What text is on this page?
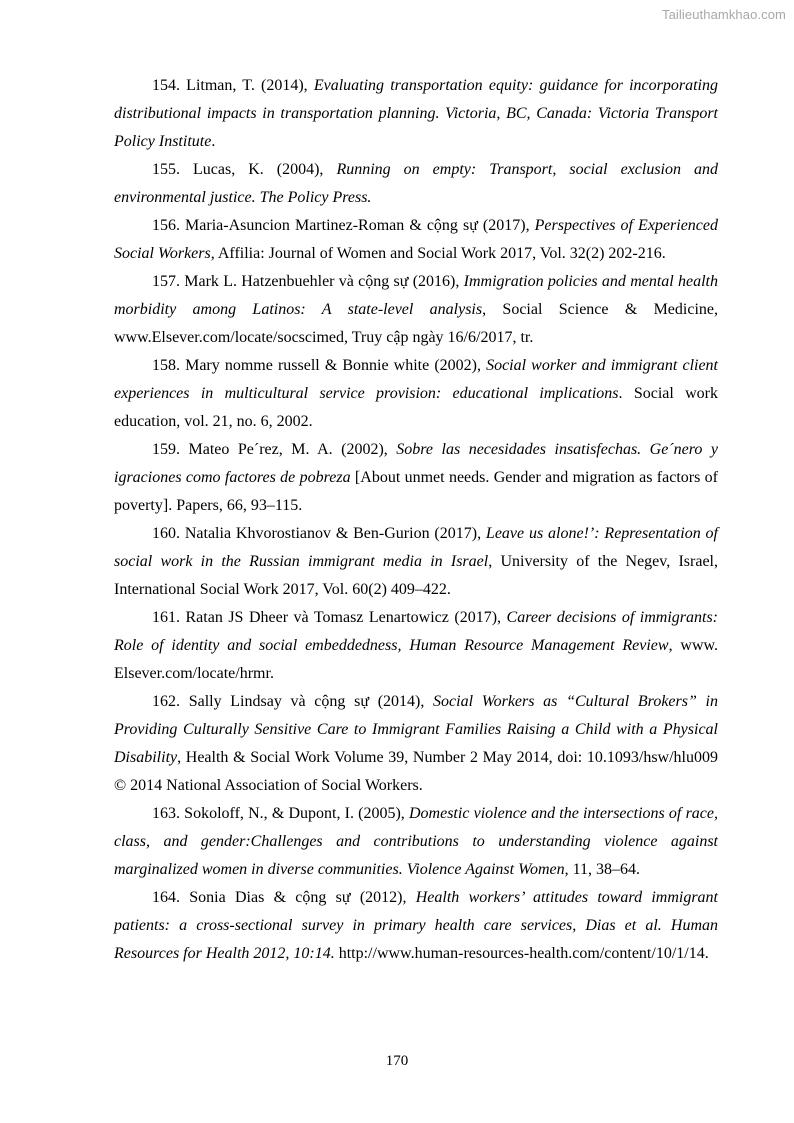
Tailieuthamkhao.com

154. Litman, T. (2014), Evaluating transportation equity: guidance for incorporating distributional impacts in transportation planning. Victoria, BC, Canada: Victoria Transport Policy Institute.

155. Lucas, K. (2004), Running on empty: Transport, social exclusion and environmental justice. The Policy Press.

156. Maria-Asuncion Martinez-Roman & cộng sự (2017), Perspectives of Experienced Social Workers, Affilia: Journal of Women and Social Work 2017, Vol. 32(2) 202-216.

157. Mark L. Hatzenbuehler và cộng sự (2016), Immigration policies and mental health morbidity among Latinos: A state-level analysis, Social Science & Medicine, www.Elsever.com/locate/socscimed, Truy cập ngày 16/6/2017, tr.

158. Mary nomme russell & Bonnie white (2002), Social worker and immigrant client experiences in multicultural service provision: educational implications. Social work education, vol. 21, no. 6, 2002.

159. Mateo Pe´rez, M. A. (2002), Sobre las necesidades insatisfechas. Ge´nero y igraciones como factores de pobreza [About unmet needs. Gender and migration as factors of poverty]. Papers, 66, 93–115.

160. Natalia Khvorostianov & Ben-Gurion (2017), Leave us alone!’: Representation of social work in the Russian immigrant media in Israel, University of the Negev, Israel, International Social Work 2017, Vol. 60(2) 409–422.

161. Ratan JS Dheer và Tomasz Lenartowicz (2017), Career decisions of immigrants: Role of identity and social embeddedness, Human Resource Management Review, www. Elsever.com/locate/hrmr.

162. Sally Lindsay và cộng sự (2014), Social Workers as “Cultural Brokers” in Providing Culturally Sensitive Care to Immigrant Families Raising a Child with a Physical Disability, Health & Social Work Volume 39, Number 2 May 2014, doi: 10.1093/hsw/hlu009 © 2014 National Association of Social Workers.

163. Sokoloff, N., & Dupont, I. (2005), Domestic violence and the intersections of race, class, and gender:Challenges and contributions to understanding violence against marginalized women in diverse communities. Violence Against Women, 11, 38–64.

164. Sonia Dias & cộng sự (2012), Health workers’ attitudes toward immigrant patients: a cross-sectional survey in primary health care services, Dias et al. Human Resources for Health 2012, 10:14. http://www.human-resources-health.com/content/10/1/14.

170
